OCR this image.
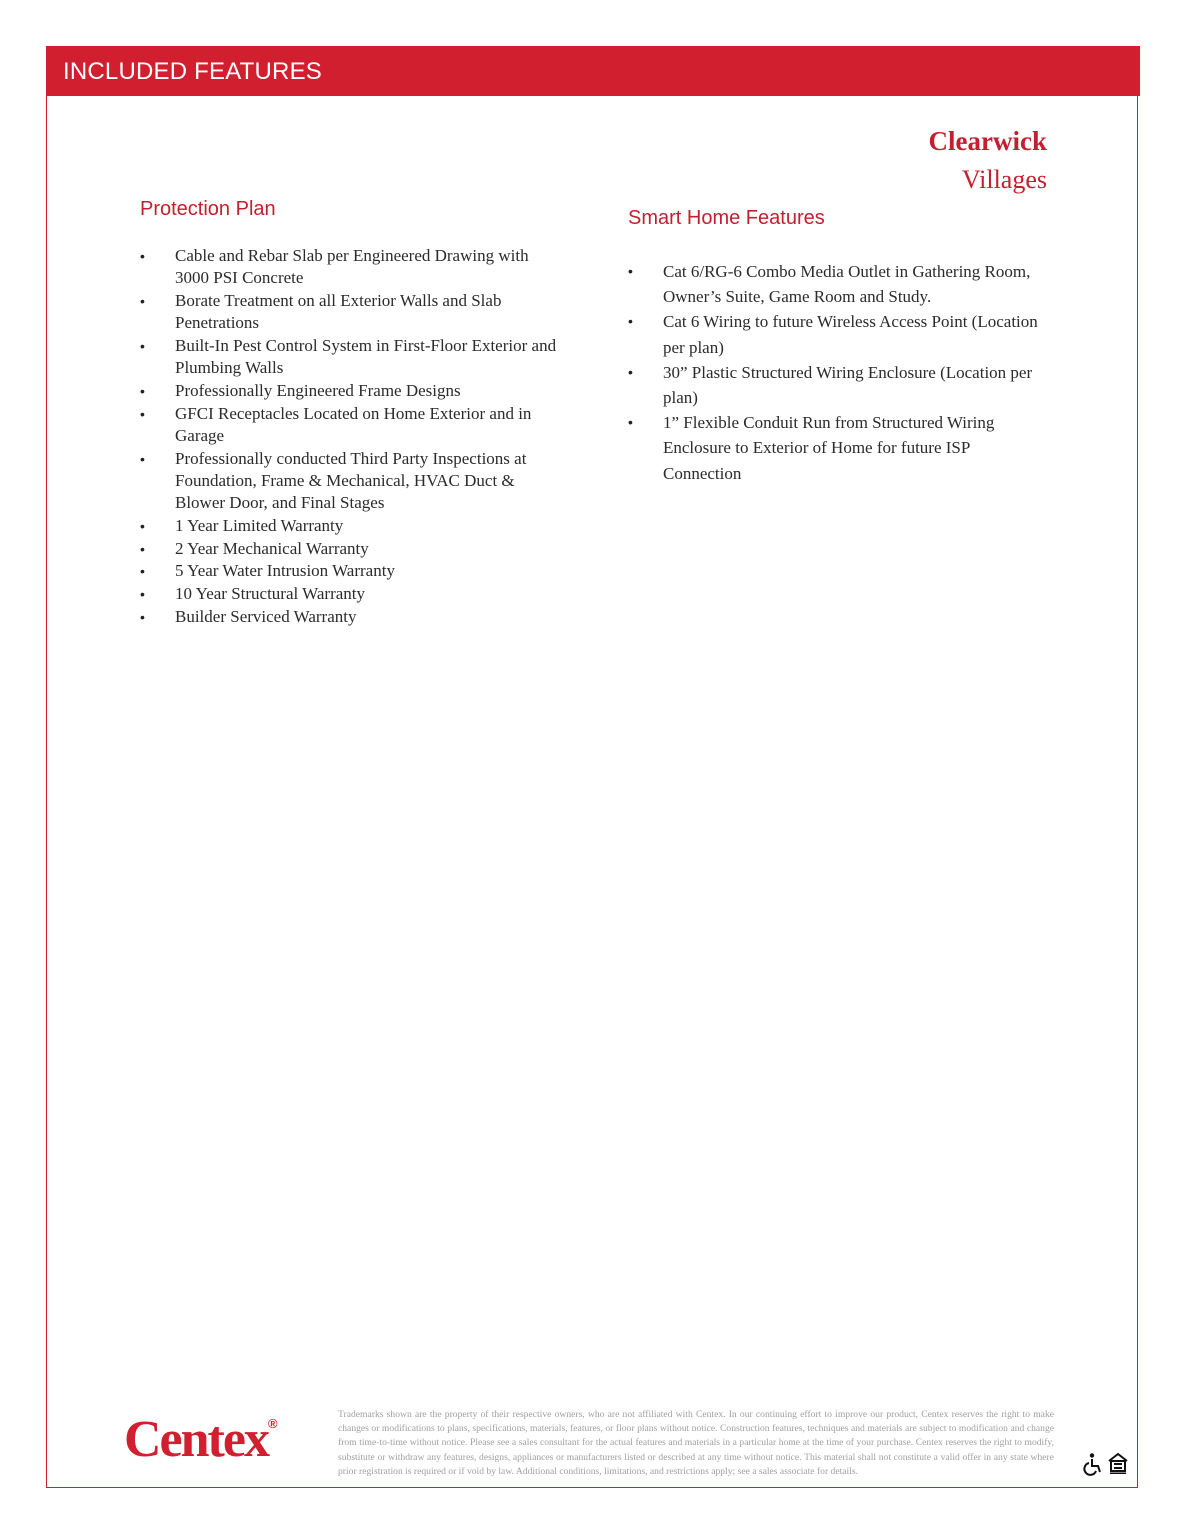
INCLUDED FEATURES
Clearwick
Villages
Protection Plan
• Cable and Rebar Slab per Engineered Drawing with 3000 PSI Concrete
• Borate Treatment on all Exterior Walls and Slab Penetrations
• Built-In Pest Control System in First-Floor Exterior and Plumbing Walls
• Professionally Engineered Frame Designs
• GFCI Receptacles Located on Home Exterior and in Garage
• Professionally conducted Third Party Inspections at Foundation, Frame & Mechanical, HVAC Duct & Blower Door, and Final Stages
• 1 Year Limited Warranty
• 2 Year Mechanical Warranty
• 5 Year Water Intrusion Warranty
• 10 Year Structural Warranty
• Builder Serviced Warranty
Smart Home Features
• Cat 6/RG-6 Combo Media Outlet in Gathering Room, Owner’s Suite, Game Room and Study.
• Cat 6 Wiring to future Wireless Access Point (Location per plan)
• 30” Plastic Structured Wiring Enclosure (Location per plan)
• 1” Flexible Conduit Run from Structured Wiring Enclosure to Exterior of Home for future ISP Connection
Centex®
Trademarks shown are the property of their respective owners, who are not affiliated with Centex. In our continuing effort to improve our product, Centex reserves the right to make changes or modifications to plans, specifications, materials, features, or floor plans without notice. Construction features, techniques and materials are subject to modification and change from time-to-time without notice. Please see a sales consultant for the actual features and materials in a particular home at the time of your purchase. Centex reserves the right to modify, substitute or withdraw any features, designs, appliances or manufacturers listed or described at any time without notice. This material shall not constitute a valid offer in any state where prior registration is required or if void by law. Additional conditions, limitations, and restrictions apply; see a sales associate for details.
